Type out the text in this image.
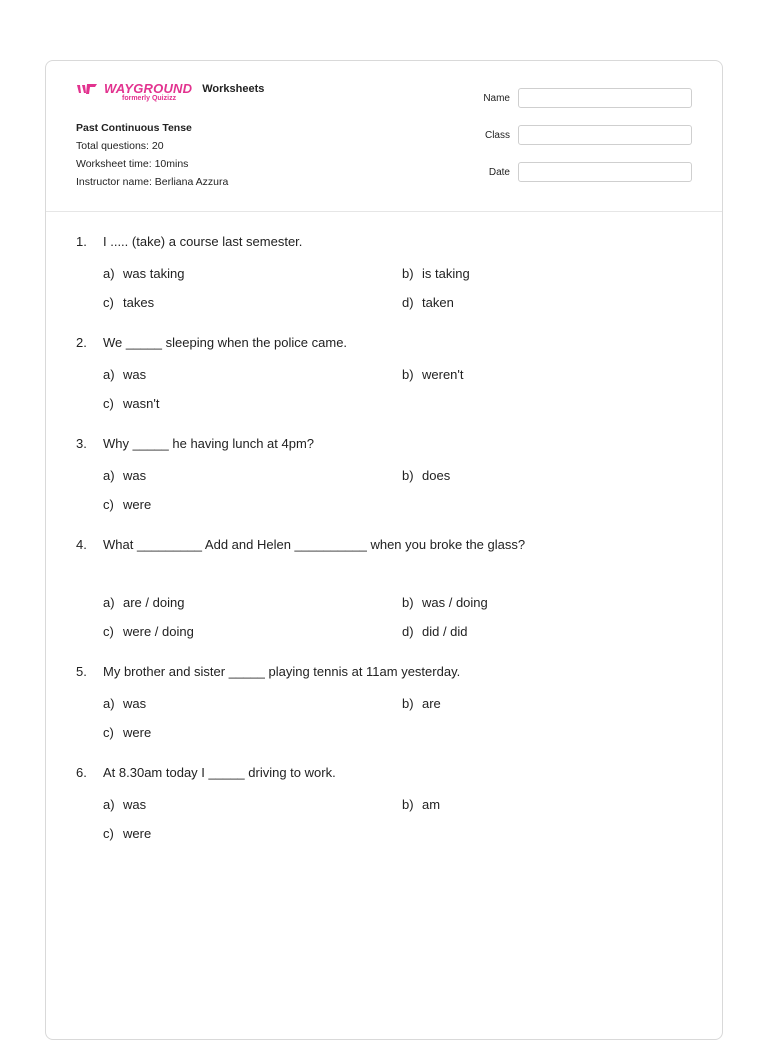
WAYGROUND Worksheets
formerly Quizizz
Past Continuous Tense
Total questions: 20
Worksheet time: 10mins
Instructor name: Berliana Azzura
Name
Class
Date
1.	I ..... (take) a course last semester.
a) was taking	b) is taking
c) takes	d) taken
2.	We _____ sleeping when the police came.
a) was	b) weren't
c) wasn't
3.	Why _____ he having lunch at 4pm?
a) was	b) does
c) were
4.	What _________ Add and Helen __________ when you broke the glass?
a) are / doing	b) was / doing
c) were / doing	d) did / did
5.	My brother and sister _____ playing tennis at 11am yesterday.
a) was	b) are
c) were
6.	At 8.30am today I _____ driving to work.
a) was	b) am
c) were
